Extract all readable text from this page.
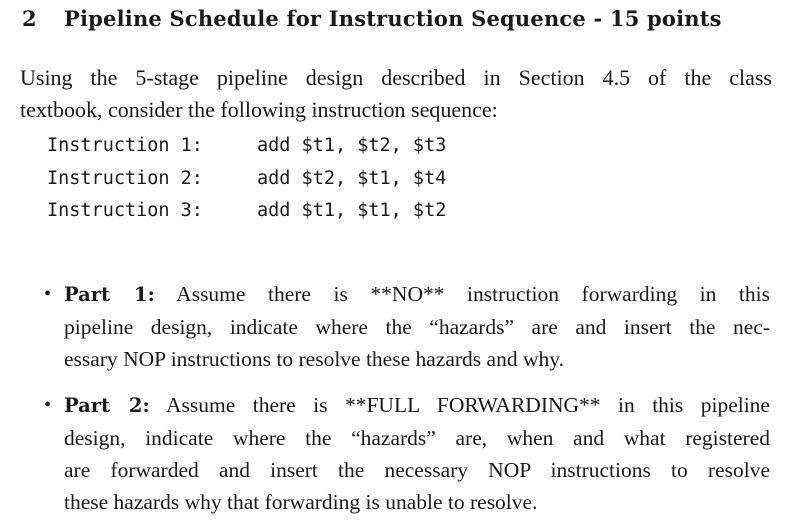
2 Pipeline Schedule for Instruction Sequence - 15 points
Using the 5-stage pipeline design described in Section 4.5 of the class
textbook, consider the following instruction sequence:
Instruction 1:	add $t1, $t2, $t3
Instruction 2:	add $t2, $t1, $t4
Instruction 3:	add $t1, $t1, $t2
• Part 1: Assume there is **NO** instruction forwarding in this
pipeline design, indicate where the “hazards” are and insert the nec-
essary NOP instructions to resolve these hazards and why.
• Part 2: Assume there is **FULL FORWARDING** in this pipeline
design, indicate where the “hazards” are, when and what registered
are forwarded and insert the necessary NOP instructions to resolve
these hazards why that forwarding is unable to resolve.
